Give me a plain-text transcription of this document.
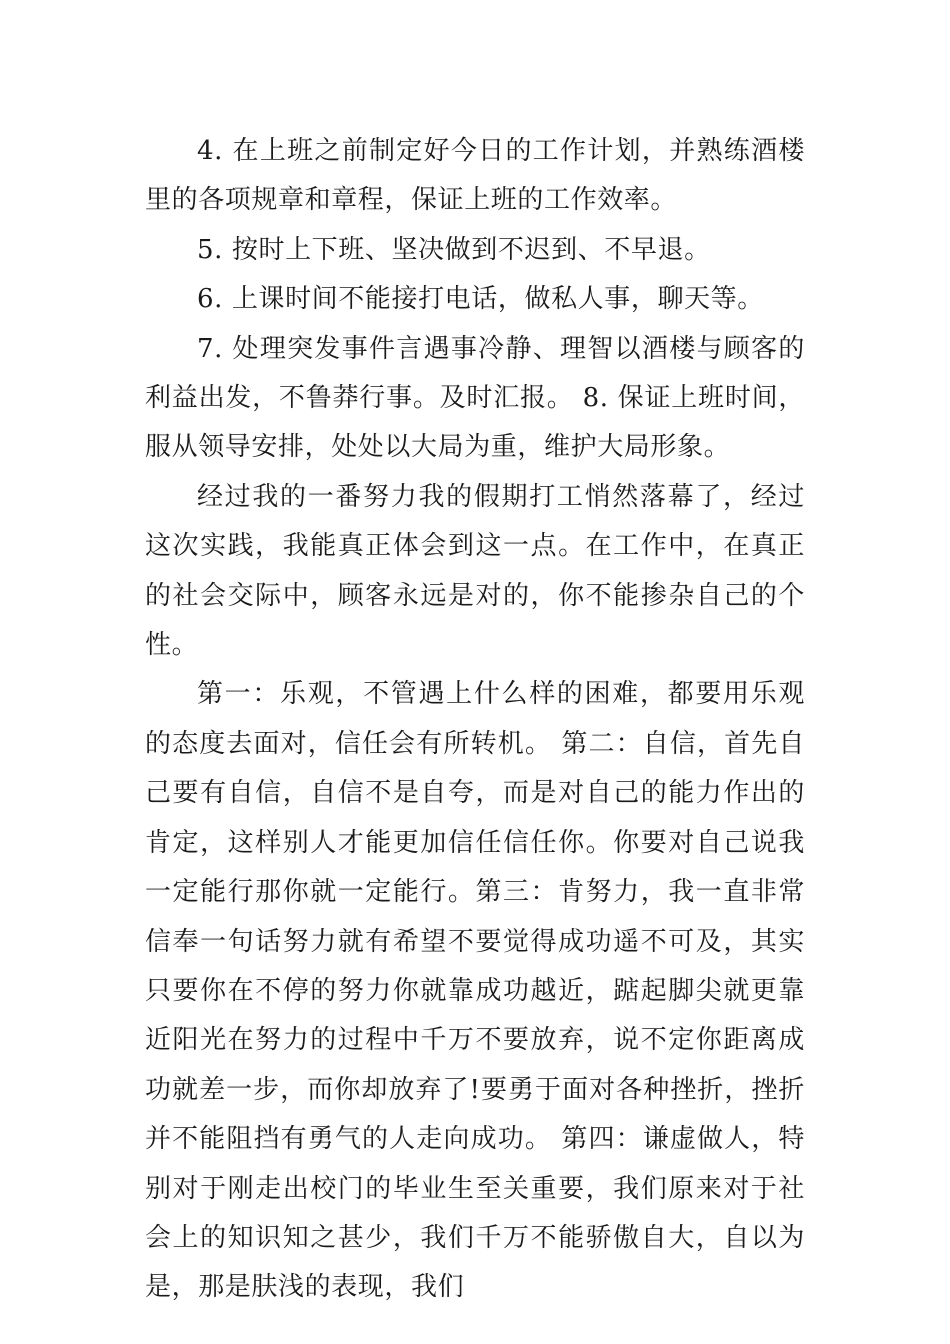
4. 在上班之前制定好今日的工作计划，并熟练酒楼里的各项规章和章程，保证上班的工作效率。

5. 按时上下班、坚决做到不迟到、不早退。

6. 上课时间不能接打电话，做私人事，聊天等。

7. 处理突发事件言遇事冷静、理智以酒楼与顾客的利益出发，不鲁莽行事。及时汇报。 8. 保证上班时间，服从领导安排，处处以大局为重，维护大局形象。

经过我的一番努力我的假期打工悄然落幕了，经过这次实践，我能真正体会到这一点。在工作中，在真正的社会交际中，顾客永远是对的，你不能掺杂自己的个性。

第一：乐观，不管遇上什么样的困难，都要用乐观的态度去面对，信任会有所转机。 第二：自信，首先自己要有自信，自信不是自夸，而是对自己的能力作出的肯定，这样别人才能更加信任信任你。你要对自己说我一定能行那你就一定能行。第三：肯努力，我一直非常信奉一句话努力就有希望不要觉得成功遥不可及，其实只要你在不停的努力你就靠成功越近，踮起脚尖就更靠近阳光在努力的过程中千万不要放弃，说不定你距离成功就差一步，而你却放弃了!要勇于面对各种挫折，挫折并不能阻挡有勇气的人走向成功。 第四：谦虚做人，特别对于刚走出校门的毕业生至关重要，我们原来对于社会上的知识知之甚少，我们千万不能骄傲自大，自以为是，那是肤浅的表现，我们
